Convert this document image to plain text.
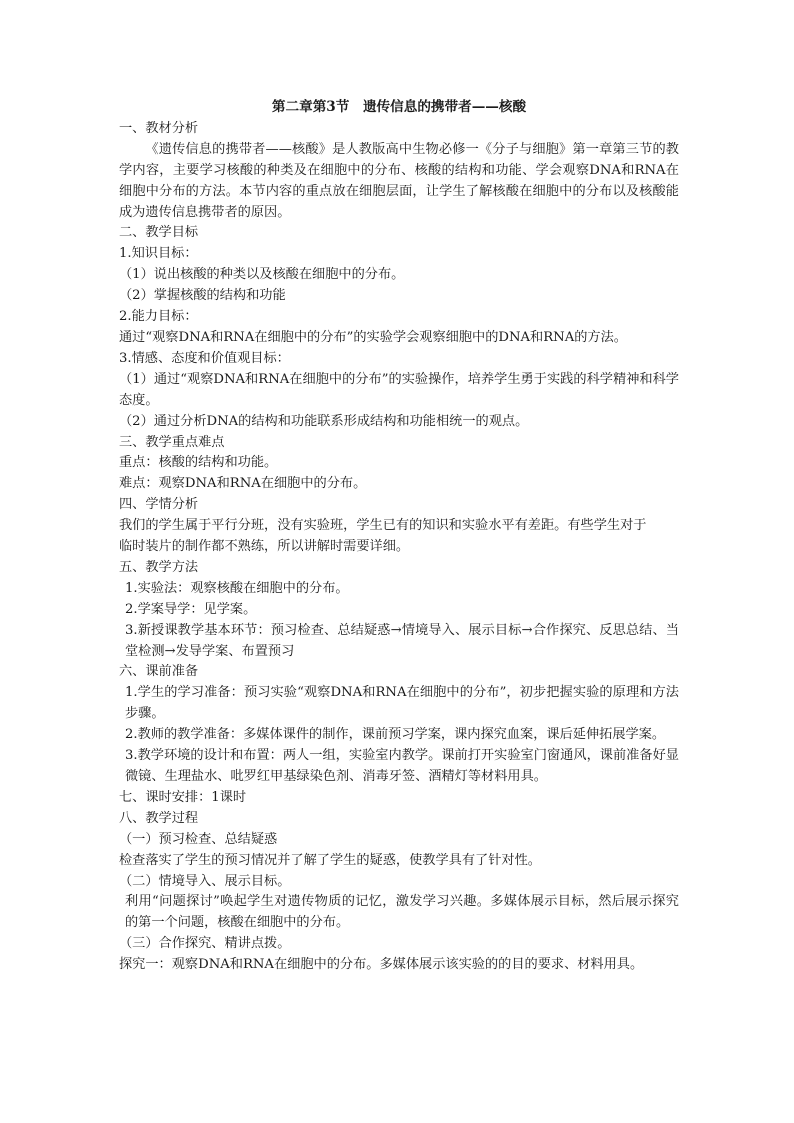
第二章第3节　遗传信息的携带者——核酸

一、教材分析

《遗传信息的携带者——核酸》是人教版高中生物必修一《分子与细胞》第一章第三节的教学内容，主要学习核酸的种类及在细胞中的分布、核酸的结构和功能、学会观察DNA和RNA在细胞中分布的方法。本节内容的重点放在细胞层面，让学生了解核酸在细胞中的分布以及核酸能成为遗传信息携带者的原因。

二、教学目标

1.知识目标：

（1）说出核酸的种类以及核酸在细胞中的分布。

（2）掌握核酸的结构和功能

2.能力目标：

通过“观察DNA和RNA在细胞中的分布”的实验学会观察细胞中的DNA和RNA的方法。

3.情感、态度和价值观目标：

（1）通过“观察DNA和RNA在细胞中的分布”的实验操作，培养学生勇于实践的科学精神和科学态度。

（2）通过分析DNA的结构和功能联系形成结构和功能相统一的观点。

三、教学重点难点

重点：核酸的结构和功能。

难点：观察DNA和RNA在细胞中的分布。

四、学情分析

我们的学生属于平行分班，没有实验班，学生已有的知识和实验水平有差距。有些学生对于

临时装片的制作都不熟练，所以讲解时需要详细。

五、教学方法

1.实验法：观察核酸在细胞中的分布。

2.学案导学：见学案。

3.新授课教学基本环节：预习检查、总结疑惑→情境导入、展示目标→合作探究、反思总结、当堂检测→发导学案、布置预习

六、课前准备

1.学生的学习准备：预习实验“观察DNA和RNA在细胞中的分布”，初步把握实验的原理和方法步骤。

2.教师的教学准备：多媒体课件的制作，课前预习学案，课内探究血案，课后延伸拓展学案。

3.教学环境的设计和布置：两人一组，实验室内教学。课前打开实验室门窗通风，课前准备好显微镜、生理盐水、吡罗红甲基绿染色剂、消毒牙签、酒精灯等材料用具。

七、课时安排：1课时

八、教学过程

（一）预习检查、总结疑惑

检查落实了学生的预习情况并了解了学生的疑惑，使教学具有了针对性。

（二）情境导入、展示目标。

利用“问题探讨”唤起学生对遗传物质的记忆，激发学习兴趣。多媒体展示目标，然后展示探究的第一个问题，核酸在细胞中的分布。

（三）合作探究、精讲点拨。

探究一：观察DNA和RNA在细胞中的分布。多媒体展示该实验的的目的要求、材料用具。
